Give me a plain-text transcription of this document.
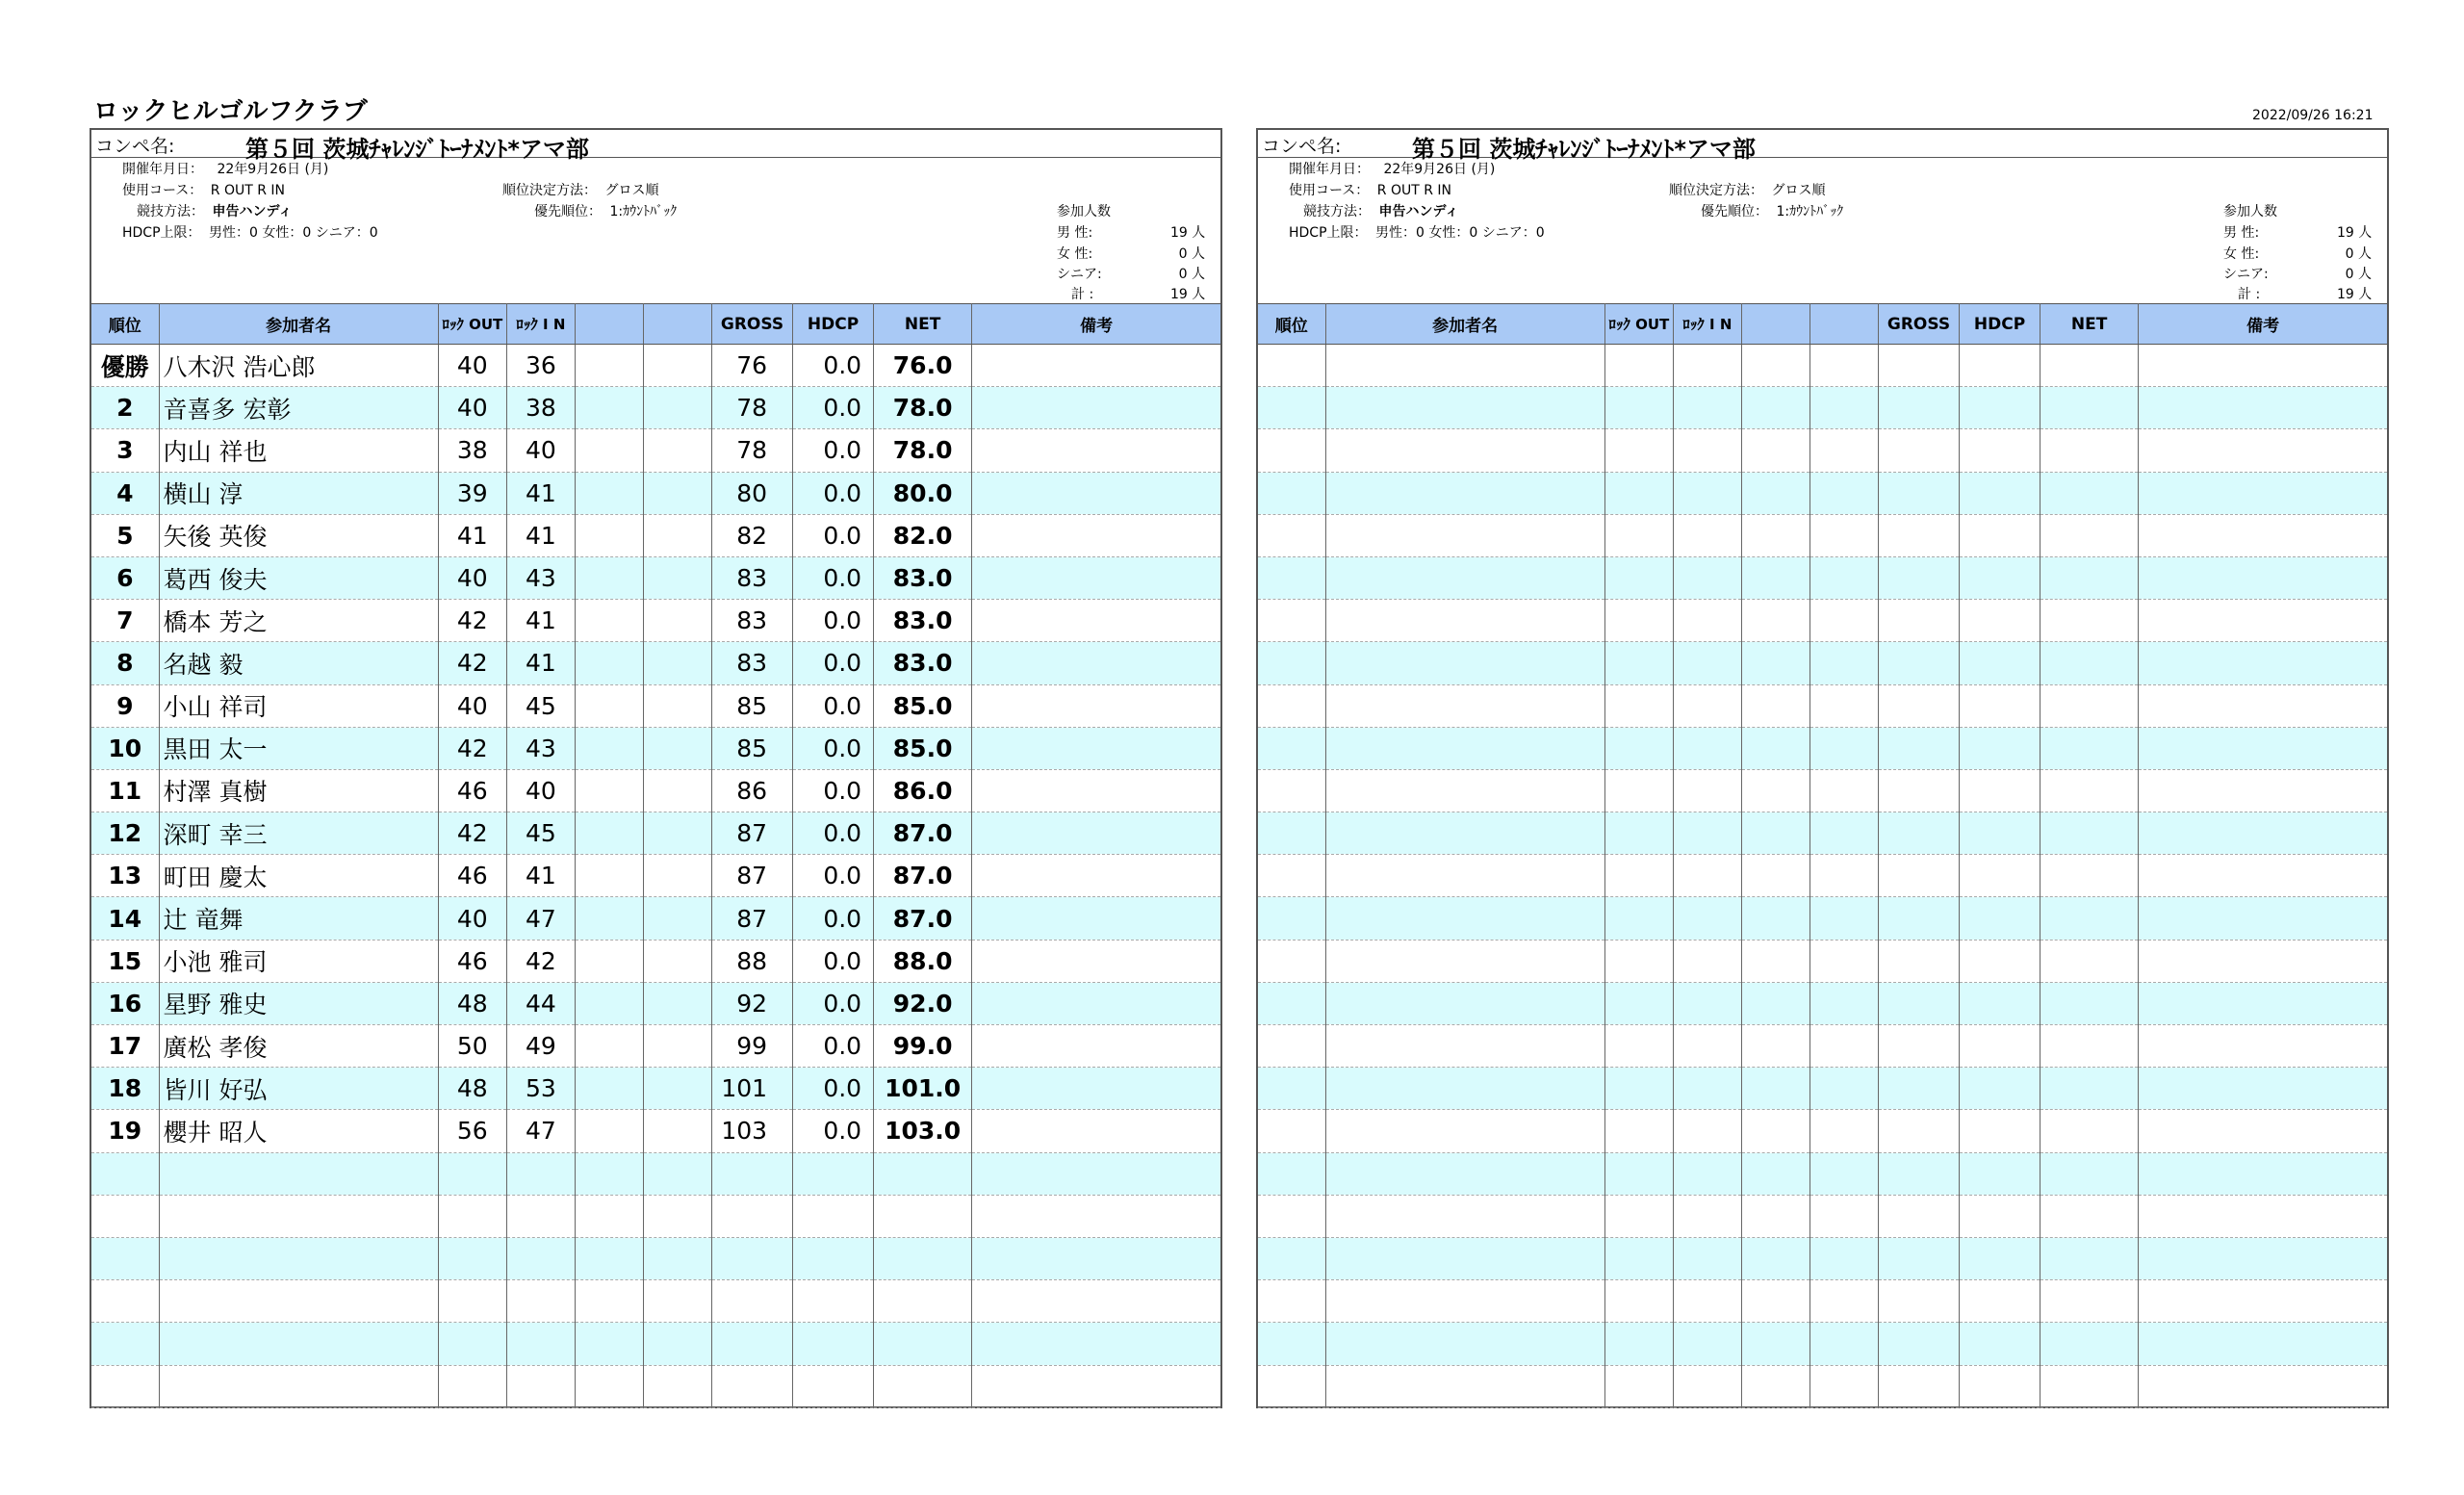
ロックヒルゴルフクラブ	2022/09/26 16:21
コンペ名:	第５回 茨城ﾁｬﾚﾝｼﾞﾄｰﾅﾒﾝﾄ*アマ部
開催年月日： 22年9月26日 (月)
使用コース： R OUT R IN
競技方法： 申告ハンディ
HDCP上限： 男性：0 女性：0 シニア：0
順位決定方法： グロス順
優先順位： 1:ｶｳﾝﾄﾊﾞｯｸ	参加人数
男 性:	19 人
女 性:	0 人
シニア:	0 人
計 :	19 人
順位	参加者名	ﾛｯｸ OUT	ﾛｯｸ I N			GROSS	HDCP	NET	備考
優勝	八木沢 浩心郎	40	36			76	0.0	76.0	
2	音喜多 宏彰	40	38			78	0.0	78.0	
3	内山 祥也	38	40			78	0.0	78.0	
4	横山 淳	39	41			80	0.0	80.0	
5	矢後 英俊	41	41			82	0.0	82.0	
6	葛西 俊夫	40	43			83	0.0	83.0	
7	橋本 芳之	42	41			83	0.0	83.0	
8	名越 毅	42	41			83	0.0	83.0	
9	小山 祥司	40	45			85	0.0	85.0	
10	黒田 太一	42	43			85	0.0	85.0	
11	村澤 真樹	46	40			86	0.0	86.0	
12	深町 幸三	42	45			87	0.0	87.0	
13	町田 慶太	46	41			87	0.0	87.0	
14	辻 竜舞	40	47			87	0.0	87.0	
15	小池 雅司	46	42			88	0.0	88.0	
16	星野 雅史	48	44			92	0.0	92.0	
17	廣松 孝俊	50	49			99	0.0	99.0	
18	皆川 好弘	48	53			101	0.0	101.0	
19	櫻井 昭人	56	47			103	0.0	103.0	

コンペ名:	第５回 茨城ﾁｬﾚﾝｼﾞﾄｰﾅﾒﾝﾄ*アマ部
開催年月日： 22年9月26日 (月)
使用コース： R OUT R IN
競技方法： 申告ハンディ
HDCP上限： 男性：0 女性：0 シニア：0
順位決定方法： グロス順
優先順位： 1:ｶｳﾝﾄﾊﾞｯｸ	参加人数
男 性:	19 人
女 性:	0 人
シニア:	0 人
計 :	19 人
順位	参加者名	ﾛｯｸ OUT	ﾛｯｸ I N			GROSS	HDCP	NET	備考
